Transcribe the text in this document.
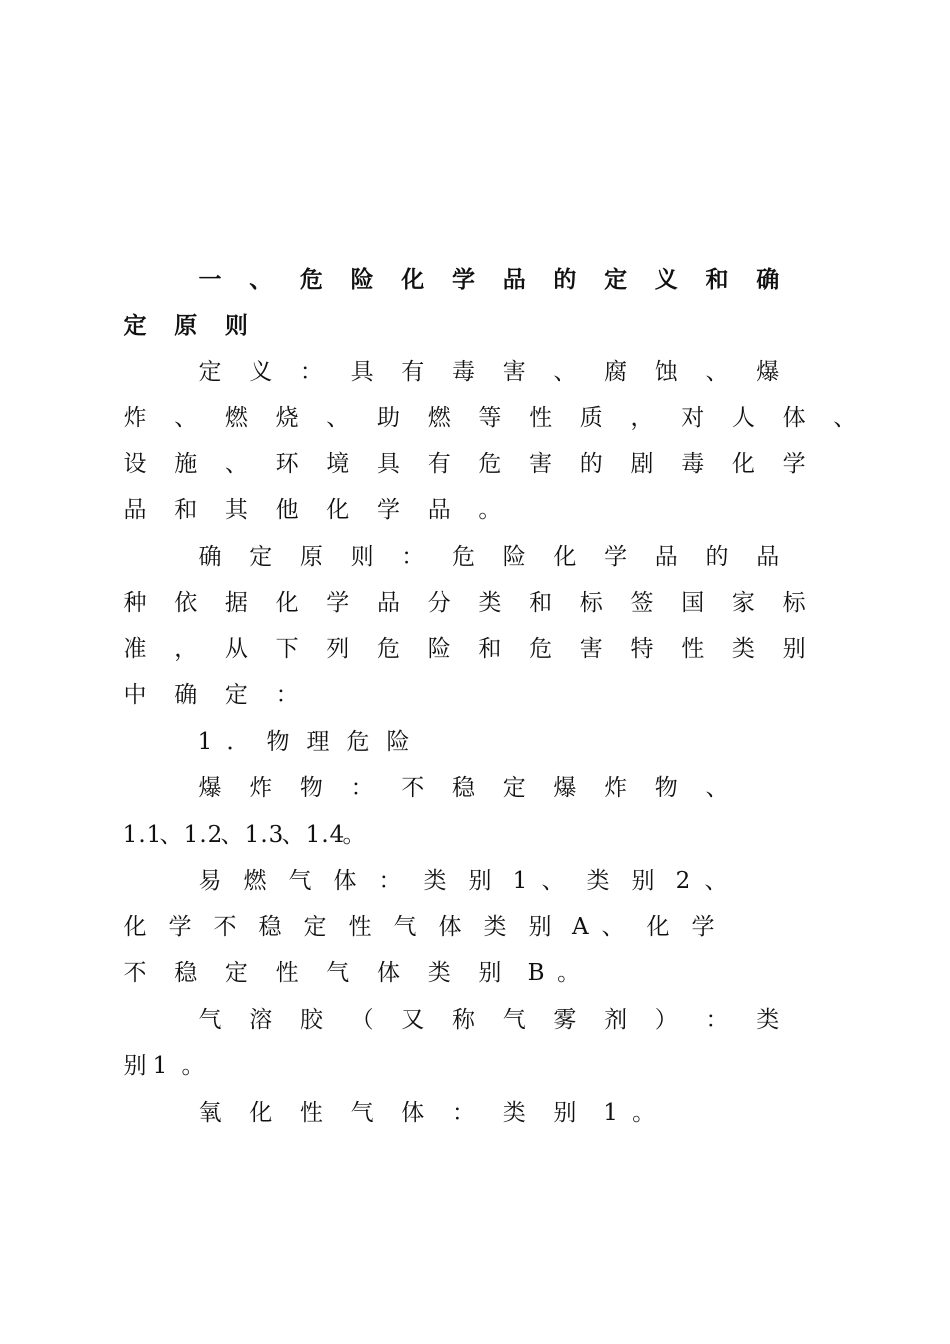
一 、 危 险 化 学 品 的 定 义 和 确
定 原 则
定 义 ： 具 有 毒 害 、 腐 蚀 、 爆
炸 、 燃 烧 、 助 燃 等 性 质 ， 对 人 体 、
设 施 、 环 境 具 有 危 害 的 剧 毒 化 学
品 和 其 他 化 学 品 。
确 定 原 则 ： 危 险 化 学 品 的 品
种 依 据 化 学 品 分 类 和 标 签 国 家 标
准 ， 从 下 列 危 险 和 危 害 特 性 类 别
中 确 定 ：
1 ． 物 理 危 险
爆 炸 物 ： 不 稳 定 爆 炸 物 、
1 . 1
、 1 . 2
、 1 . 3
、 1 . 4
。
易 燃 气 体 ： 类 别 1 、 类 别 2 、
化 学 不 稳 定 性 气 体 类 别 A 、 化 学
不 稳 定 性 气 体 类 别 B 。
气 溶 胶 （ 又 称 气 雾 剂 ） ： 类
别 1 。
氧 化 性 气 体 ： 类 别 1 。
